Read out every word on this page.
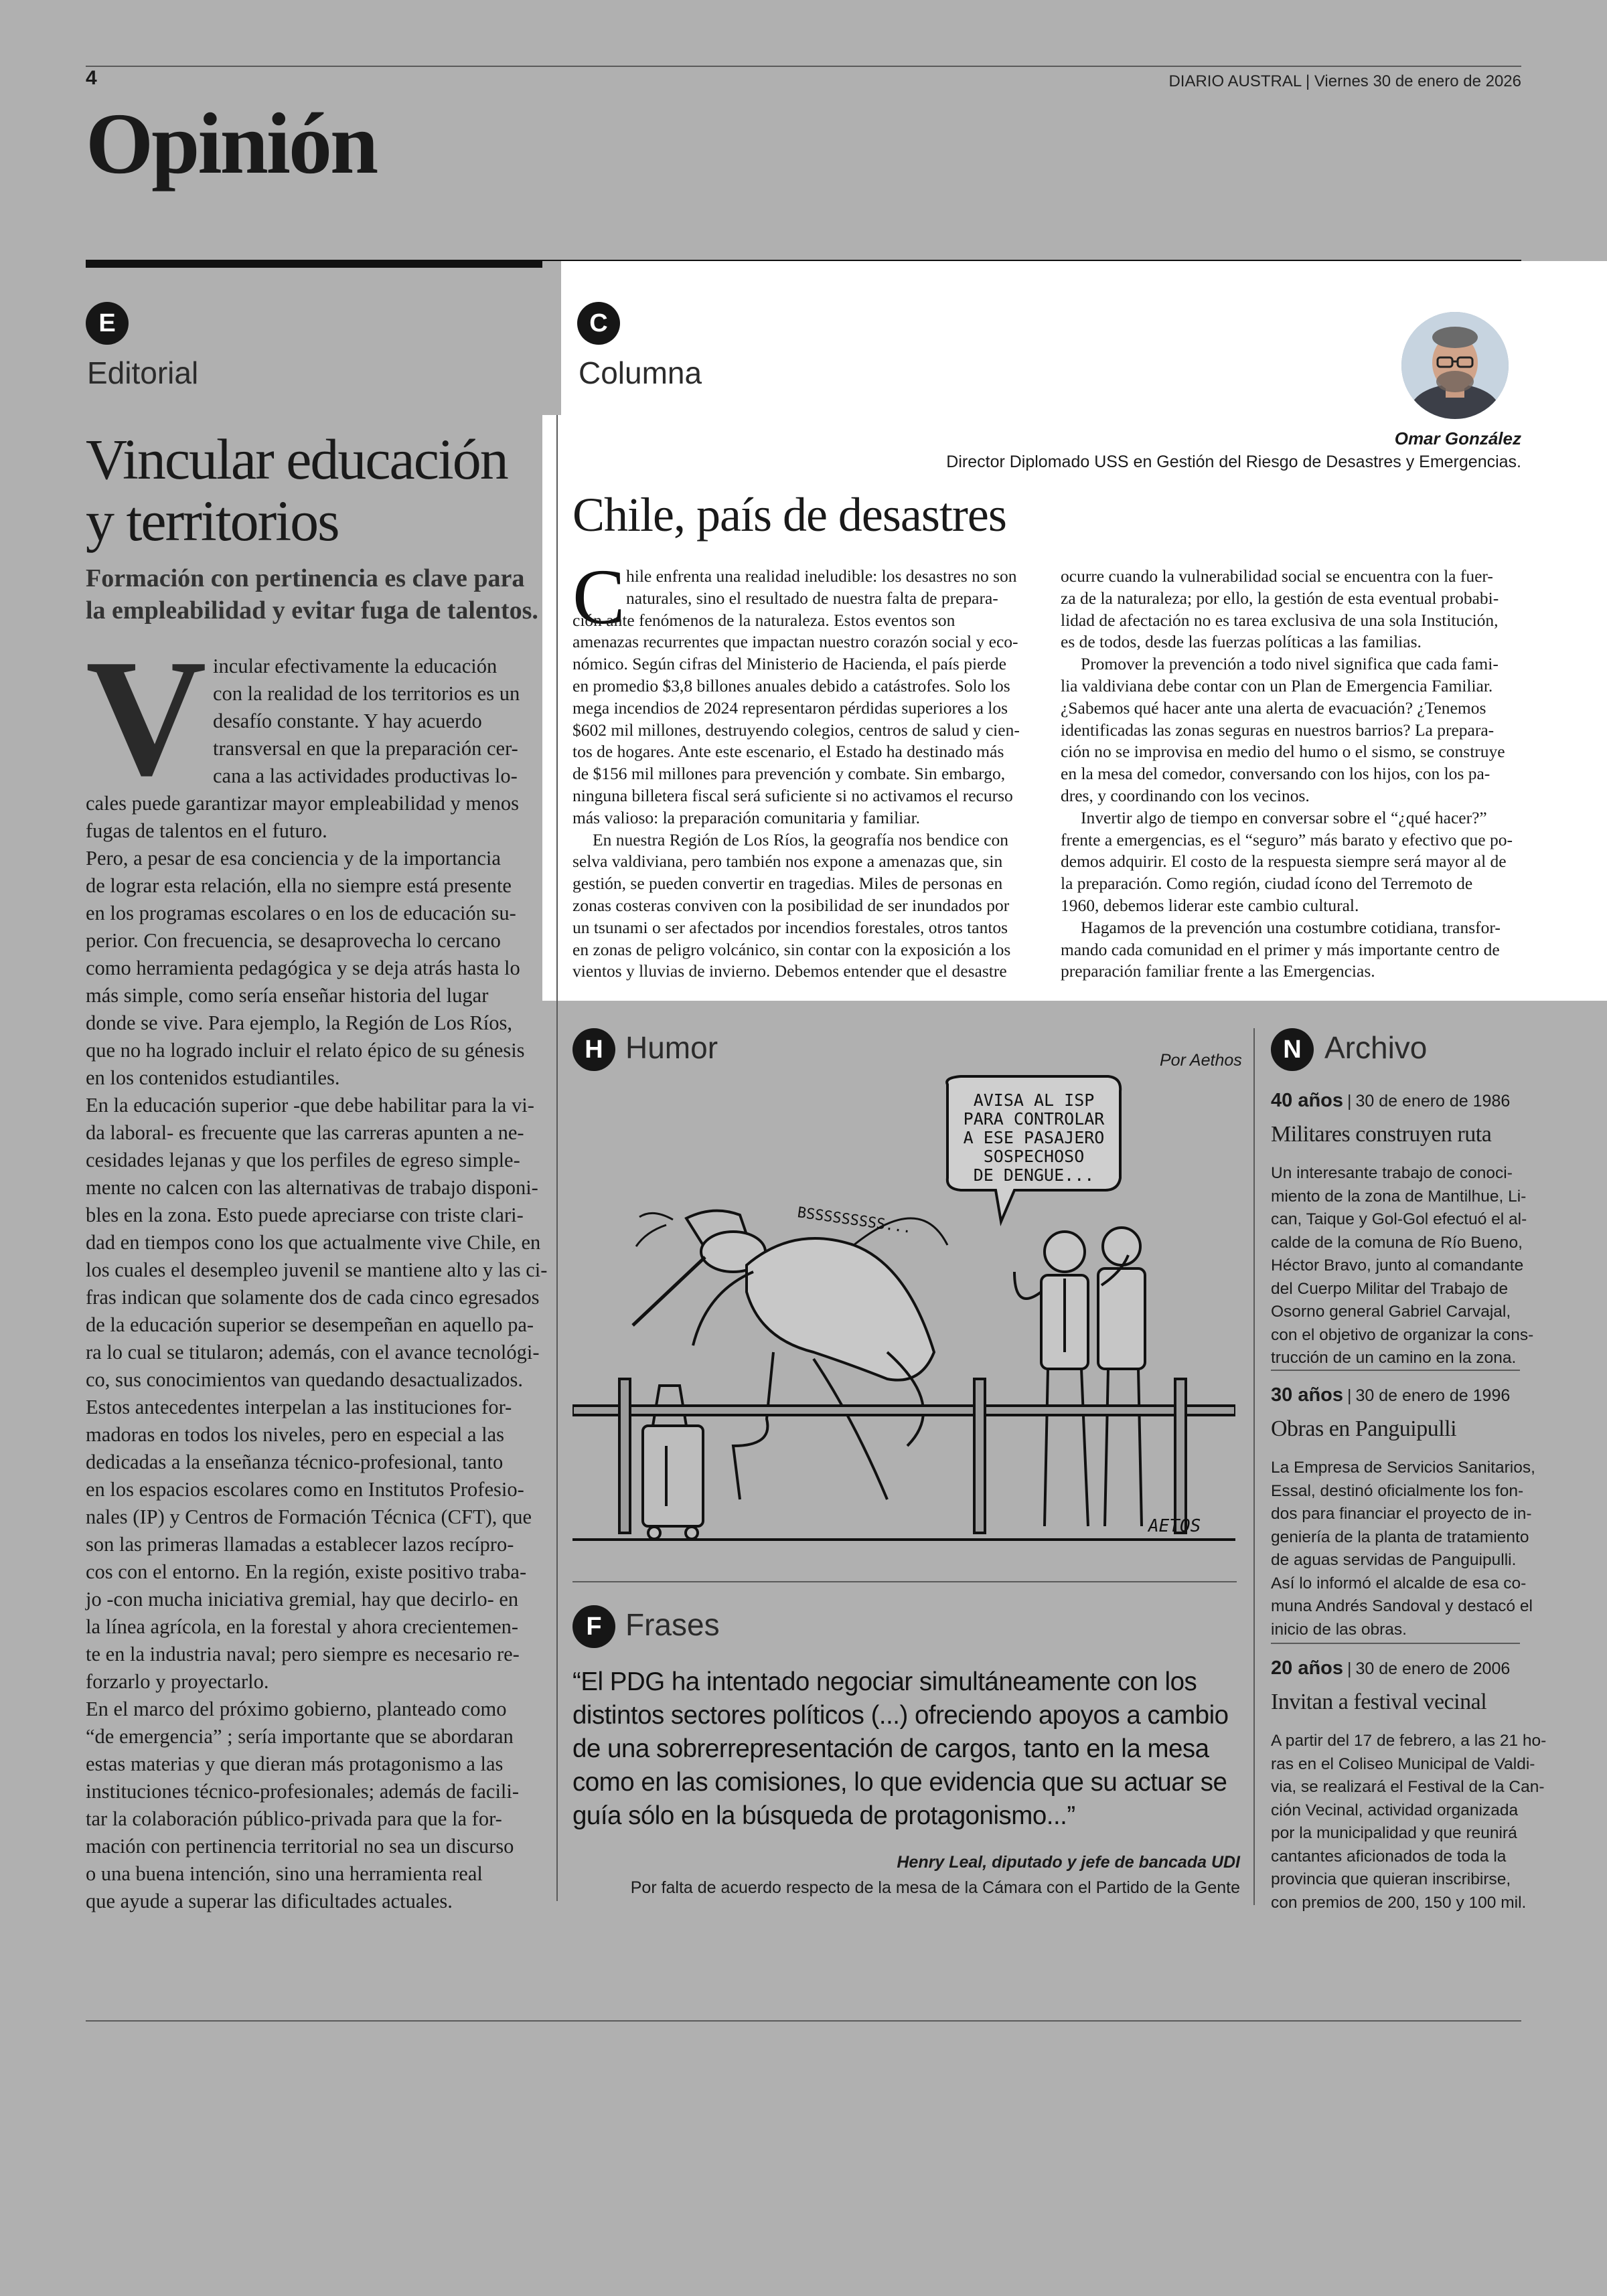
4	DIARIO AUSTRAL | Viernes 30 de enero de 2026
Opinión
E
Editorial
Vincular educación
y territorios
Formación con pertinencia es clave para
la empleabilidad y evitar fuga de talentos.
V incular efectivamente la educación
con la realidad de los territorios es un
desafío constante. Y hay acuerdo
transversal en que la preparación cer-
cana a las actividades productivas lo-
cales puede garantizar mayor empleabilidad y menos
fugas de talentos en el futuro.
Pero, a pesar de esa conciencia y de la importancia
de lograr esta relación, ella no siempre está presente
en los programas escolares o en los de educación su-
perior. Con frecuencia, se desaprovecha lo cercano
como herramienta pedagógica y se deja atrás hasta lo
más simple, como sería enseñar historia del lugar
donde se vive. Para ejemplo, la Región de Los Ríos,
que no ha logrado incluir el relato épico de su génesis
en los contenidos estudiantiles.
En la educación superior -que debe habilitar para la vi-
da laboral- es frecuente que las carreras apunten a ne-
cesidades lejanas y que los perfiles de egreso simple-
mente no calcen con las alternativas de trabajo disponi-
bles en la zona. Esto puede apreciarse con triste clari-
dad en tiempos cono los que actualmente vive Chile, en
los cuales el desempleo juvenil se mantiene alto y las ci-
fras indican que solamente dos de cada cinco egresados
de la educación superior se desempeñan en aquello pa-
ra lo cual se titularon; además, con el avance tecnológi-
co, sus conocimientos van quedando desactualizados.
Estos antecedentes interpelan a las instituciones for-
madoras en todos los niveles, pero en especial a las
dedicadas a la enseñanza técnico-profesional, tanto
en los espacios escolares como en Institutos Profesio-
nales (IP) y Centros de Formación Técnica (CFT), que
son las primeras llamadas a establecer lazos recípro-
cos con el entorno. En la región, existe positivo traba-
jo -con mucha iniciativa gremial, hay que decirlo- en
la línea agrícola, en la forestal y ahora crecientemen-
te en la industria naval; pero siempre es necesario re-
forzarlo y proyectarlo.
En el marco del próximo gobierno, planteado como
“de emergencia” ; sería importante que se abordaran
estas materias y que dieran más protagonismo a las
instituciones técnico-profesionales; además de facili-
tar la colaboración público-privada para que la for-
mación con pertinencia territorial no sea un discurso
o una buena intención, sino una herramienta real
que ayude a superar las dificultades actuales.
C
Columna
Omar González
Director Diplomado USS en Gestión del Riesgo de Desastres y Emergencias.
Chile, país de desastres
C hile enfrenta una realidad ineludible: los desastres no son
naturales, sino el resultado de nuestra falta de prepara-
ción ante fenómenos de la naturaleza. Estos eventos son
amenazas recurrentes que impactan nuestro corazón social y eco-
nómico. Según cifras del Ministerio de Hacienda, el país pierde
en promedio $3,8 billones anuales debido a catástrofes. Solo los
mega incendios de 2024 representaron pérdidas superiores a los
$602 mil millones, destruyendo colegios, centros de salud y cien-
tos de hogares. Ante este escenario, el Estado ha destinado más
de $156 mil millones para prevención y combate. Sin embargo,
ninguna billetera fiscal será suficiente si no activamos el recurso
más valioso: la preparación comunitaria y familiar.
En nuestra Región de Los Ríos, la geografía nos bendice con
selva valdiviana, pero también nos expone a amenazas que, sin
gestión, se pueden convertir en tragedias. Miles de personas en
zonas costeras conviven con la posibilidad de ser inundados por
un tsunami o ser afectados por incendios forestales, otros tantos
en zonas de peligro volcánico, sin contar con la exposición a los
vientos y lluvias de invierno. Debemos entender que el desastre
ocurre cuando la vulnerabilidad social se encuentra con la fuer-
za de la naturaleza; por ello, la gestión de esta eventual probabi-
lidad de afectación no es tarea exclusiva de una sola Institución,
es de todos, desde las fuerzas políticas a las familias.
Promover la prevención a todo nivel significa que cada fami-
lia valdiviana debe contar con un Plan de Emergencia Familiar.
¿Sabemos qué hacer ante una alerta de evacuación? ¿Tenemos
identificadas las zonas seguras en nuestros barrios? La prepara-
ción no se improvisa en medio del humo o el sismo, se construye
en la mesa del comedor, conversando con los hijos, con los pa-
dres, y coordinando con los vecinos.
Invertir algo de tiempo en conversar sobre el “¿qué hacer?”
frente a emergencias, es el “seguro” más barato y efectivo que po-
demos adquirir. El costo de la respuesta siempre será mayor al de
la preparación. Como región, ciudad ícono del Terremoto de
1960, debemos liderar este cambio cultural.
Hagamos de la prevención una costumbre cotidiana, transfor-
mando cada comunidad en el primer y más importante centro de
preparación familiar frente a las Emergencias.
H Humor	Por Aethos
AVISA AL ISP
PARA CONTROLAR
A ESE PASAJERO
SOSPECHOSO
DE DENGUE...
BSSSSSSSSS...
AETOS
F Frases
“El PDG ha intentado negociar simultáneamente con los
distintos sectores políticos (...) ofreciendo apoyos a cambio
de una sobrerrepresentación de cargos, tanto en la mesa
como en las comisiones, lo que evidencia que su actuar se
guía sólo en la búsqueda de protagonismo...”
Henry Leal, diputado y jefe de bancada UDI
Por falta de acuerdo respecto de la mesa de la Cámara con el Partido de la Gente
N Archivo
40 años | 30 de enero de 1986
Militares construyen ruta
Un interesante trabajo de conoci-
miento de la zona de Mantilhue, Li-
can, Taique y Gol-Gol efectuó el al-
calde de la comuna de Río Bueno,
Héctor Bravo, junto al comandante
del Cuerpo Militar del Trabajo de
Osorno general Gabriel Carvajal,
con el objetivo de organizar la cons-
trucción de un camino en la zona.
30 años | 30 de enero de 1996
Obras en Panguipulli
La Empresa de Servicios Sanitarios,
Essal, destinó oficialmente los fon-
dos para financiar el proyecto de in-
geniería de la planta de tratamiento
de aguas servidas de Panguipulli.
Así lo informó el alcalde de esa co-
muna Andrés Sandoval y destacó el
inicio de las obras.
20 años | 30 de enero de 2006
Invitan a festival vecinal
A partir del 17 de febrero, a las 21 ho-
ras en el Coliseo Municipal de Valdi-
via, se realizará el Festival de la Can-
ción Vecinal, actividad organizada
por la municipalidad y que reunirá
cantantes aficionados de toda la
provincia que quieran inscribirse,
con premios de 200, 150 y 100 mil.
